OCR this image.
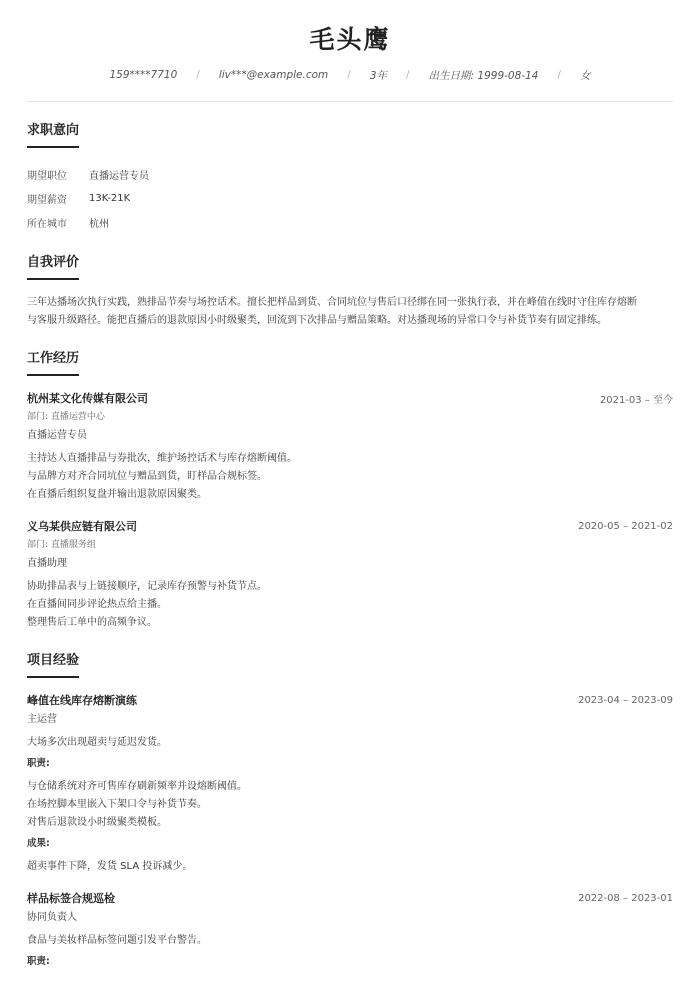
毛头鹰
159****7710 / liv***@example.com / 3年 / 出生日期: 1999-08-14 / 女
求职意向
期望职位	直播运营专员
期望薪资	13K-21K
所在城市	杭州
自我评价
三年达播场次执行实践，熟排品节奏与场控话术。擅长把样品到货、合同坑位与售后口径绑在同一张执行表，并在峰值在线时守住库存熔断
与客服升级路径。能把直播后的退款原因小时级聚类，回流到下次排品与赠品策略。对达播现场的异常口令与补货节奏有固定排练。
工作经历
杭州某文化传媒有限公司	2021-03 – 至今
部门: 直播运营中心
直播运营专员
主持达人直播排品与券批次，维护场控话术与库存熔断阈值。
与品牌方对齐合同坑位与赠品到货，盯样品合规标签。
在直播后组织复盘并输出退款原因聚类。
义乌某供应链有限公司	2020-05 – 2021-02
部门: 直播服务组
直播助理
协助排品表与上链接顺序，记录库存预警与补货节点。
在直播间同步评论热点给主播。
整理售后工单中的高频争议。
项目经验
峰值在线库存熔断演练	2023-04 – 2023-09
主运营
大场多次出现超卖与延迟发货。
职责:
与仓储系统对齐可售库存刷新频率并设熔断阈值。
在场控脚本里嵌入下架口令与补货节奏。
对售后退款设小时级聚类模板。
成果:
超卖事件下降，发货 SLA 投诉减少。
样品标签合规巡检	2022-08 – 2023-01
协同负责人
食品与美妆样品标签问题引发平台警告。
职责:
